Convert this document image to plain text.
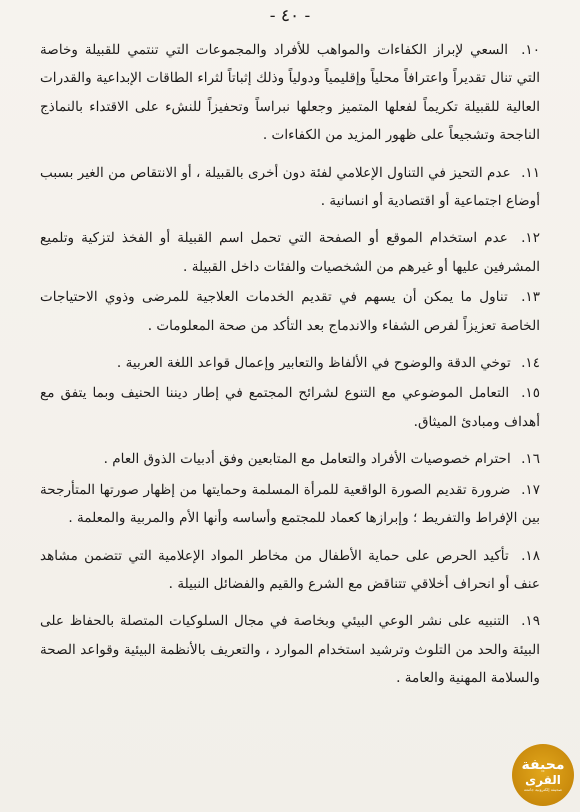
- ٤٠ -
١٠. السعي لإبراز الكفاءات والمواهب للأفراد والمجموعات التي تنتمي للقبيلة وخاصة التي تنال تقديراً واعترافاً محلياً وإقليمياً ودولياً وذلك إثباتاً لثراء الطاقات الإبداعية والقدرات العالية للقبيلة تكريماً لفعلها المتميز وجعلها نبراساً وتحفيزاً للنشء على الاقتداء بالنماذج الناجحة وتشجيعاً على ظهور المزيد من الكفاءات .
١١. عدم التحيز في التناول الإعلامي لفئة دون أخرى بالقبيلة ، أو الانتقاص من الغير بسبب أوضاع اجتماعية أو اقتصادية أو انسانية .
١٢. عدم استخدام الموقع أو الصفحة التي تحمل اسم القبيلة أو الفخذ لتزكية وتلميع المشرفين عليها أو غيرهم من الشخصيات والفئات داخل القبيلة .
١٣. تناول ما يمكن أن يسهم في تقديم الخدمات العلاجية للمرضى وذوي الاحتياجات الخاصة تعزيزاً لفرص الشفاء والاندماج بعد التأكد من صحة المعلومات .
١٤. توخي الدقة والوضوح في الألفاظ والتعابير وإعمال قواعد اللغة العربية .
١٥. التعامل الموضوعي مع التنوع لشرائح المجتمع في إطار ديننا الحنيف وبما يتفق مع أهداف ومبادئ الميثاق.
١٦. احترام خصوصيات الأفراد والتعامل مع المتابعين وفق أدبيات الذوق العام .
١٧. ضرورة تقديم الصورة الواقعية للمرأة المسلمة وحمايتها من إظهار صورتها المتأرجحة بين الإفراط والتفريط ؛ وإبرازها كعماد للمجتمع وأساسه وأنها الأم والمربية والمعلمة .
١٨. تأكيد الحرص على حماية الأطفال من مخاطر المواد الإعلامية التي تتضمن مشاهد عنف أو انحراف أخلاقي تتناقض مع الشرع والقيم والفضائل النبيلة .
١٩. التنبيه على نشر الوعي البيئي وبخاصة في مجال السلوكيات المتصلة بالحفاظ على البيئة والحد من التلوث وترشيد استخدام الموارد ، والتعريف بالأنظمة البيئية وقواعد الصحة والسلامة المهنية والعامة .
محيفة
القرى
صحيفة إلكترونية جامعة
